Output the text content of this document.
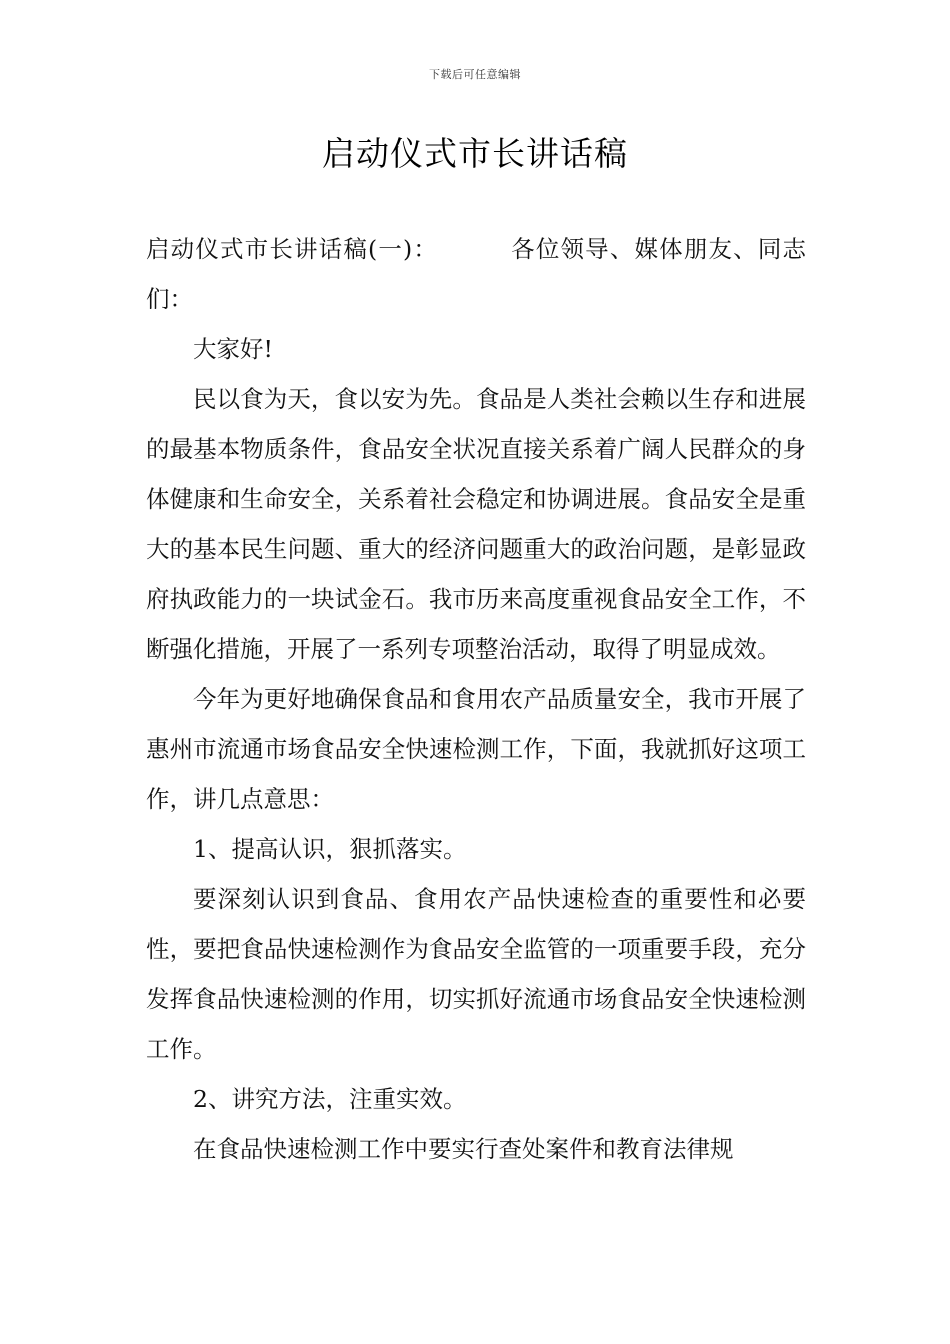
下载后可任意编辑
启动仪式市长讲话稿

启动仪式市长讲话稿(一)：	各位领导、媒体朋友、同志们：

大家好!

民以食为天，食以安为先。食品是人类社会赖以生存和进展的最基本物质条件，食品安全状况直接关系着广阔人民群众的身体健康和生命安全，关系着社会稳定和协调进展。食品安全是重大的基本民生问题、重大的经济问题重大的政治问题，是彰显政府执政能力的一块试金石。我市历来高度重视食品安全工作，不断强化措施，开展了一系列专项整治活动，取得了明显成效。

今年为更好地确保食品和食用农产品质量安全，我市开展了惠州市流通市场食品安全快速检测工作，下面，我就抓好这项工作，讲几点意思：

1、提高认识，狠抓落实。

要深刻认识到食品、食用农产品快速检查的重要性和必要性，要把食品快速检测作为食品安全监管的一项重要手段，充分发挥食品快速检测的作用，切实抓好流通市场食品安全快速检测工作。

2、讲究方法，注重实效。

在食品快速检测工作中要实行查处案件和教育法律规
